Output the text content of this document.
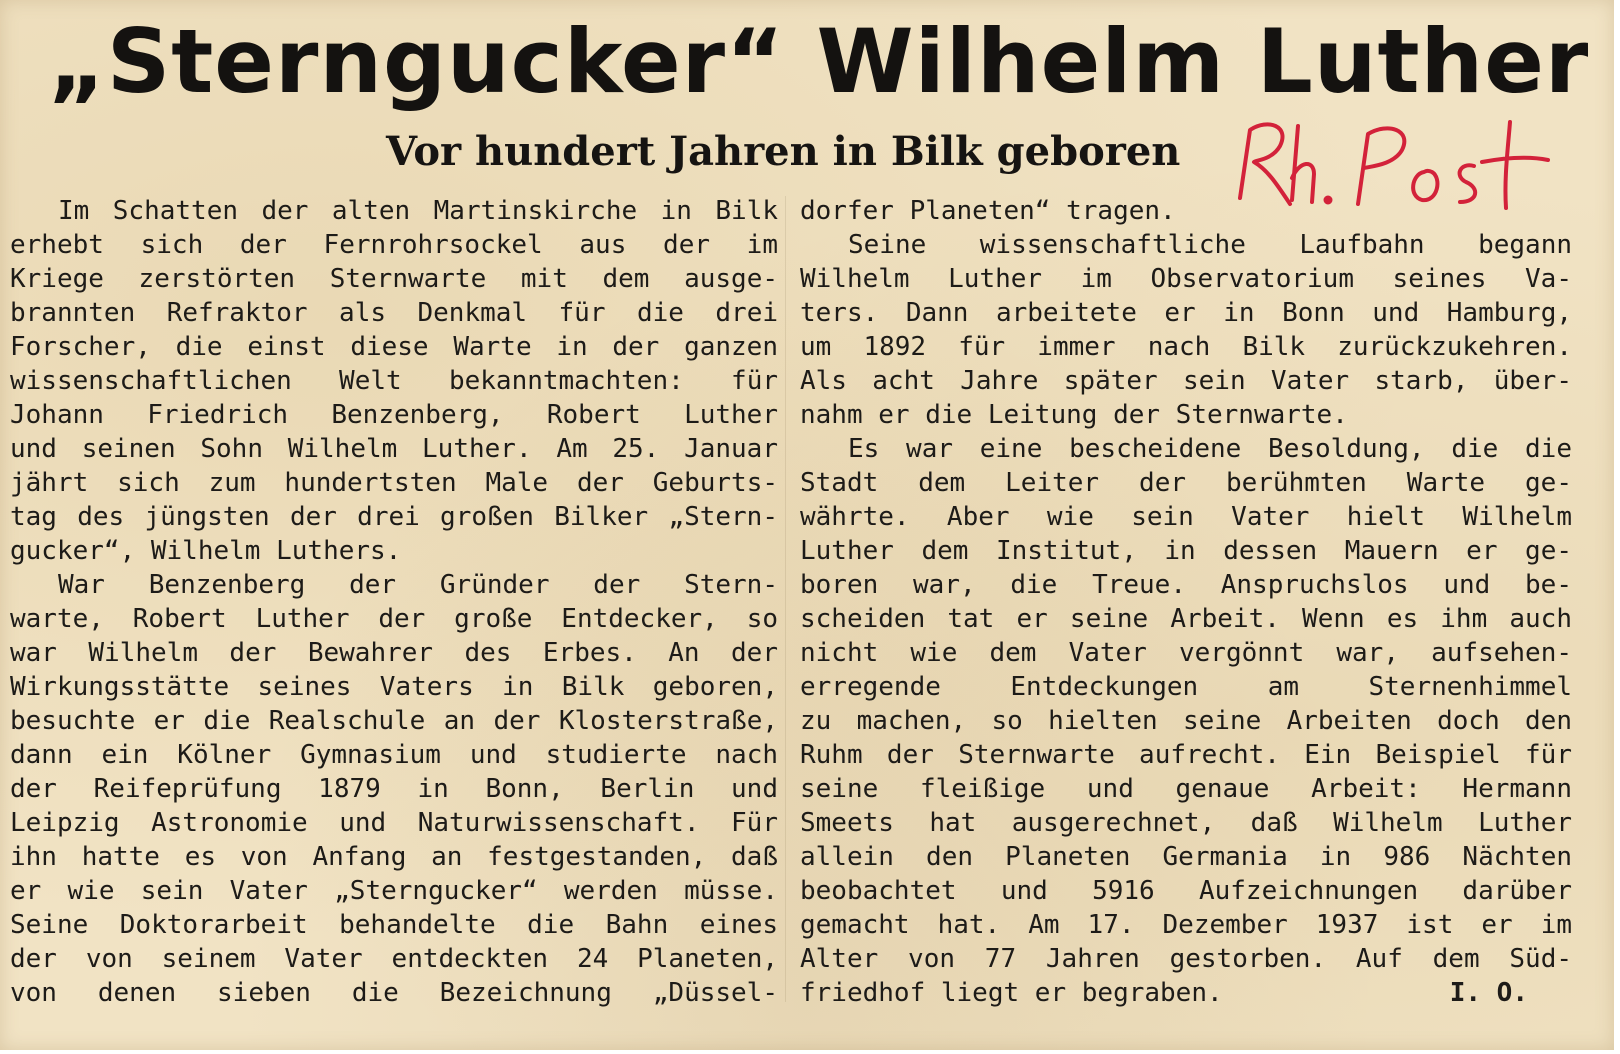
„Sterngucker“ Wilhelm Luther
Vor hundert Jahren in Bilk geboren
Im Schatten der alten Martinskirche in Bilk
erhebt sich der Fernrohrsockel aus der im
Kriege zerstörten Sternwarte mit dem ausge-
brannten Refraktor als Denkmal für die drei
Forscher, die einst diese Warte in der ganzen
wissenschaftlichen Welt bekanntmachten: für
Johann Friedrich Benzenberg, Robert Luther
und seinen Sohn Wilhelm Luther. Am 25. Januar
jährt sich zum hundertsten Male der Geburts-
tag des jüngsten der drei großen Bilker „Stern-
gucker“, Wilhelm Luthers.
War Benzenberg der Gründer der Stern-
warte, Robert Luther der große Entdecker, so
war Wilhelm der Bewahrer des Erbes. An der
Wirkungsstätte seines Vaters in Bilk geboren,
besuchte er die Realschule an der Klosterstraße,
dann ein Kölner Gymnasium und studierte nach
der Reifeprüfung 1879 in Bonn, Berlin und
Leipzig Astronomie und Naturwissenschaft. Für
ihn hatte es von Anfang an festgestanden, daß
er wie sein Vater „Sterngucker“ werden müsse.
Seine Doktorarbeit behandelte die Bahn eines
der von seinem Vater entdeckten 24 Planeten,
von denen sieben die Bezeichnung „Düssel-
dorfer Planeten“ tragen.
Seine wissenschaftliche Laufbahn begann
Wilhelm Luther im Observatorium seines Va-
ters. Dann arbeitete er in Bonn und Hamburg,
um 1892 für immer nach Bilk zurückzukehren.
Als acht Jahre später sein Vater starb, über-
nahm er die Leitung der Sternwarte.
Es war eine bescheidene Besoldung, die die
Stadt dem Leiter der berühmten Warte ge-
währte. Aber wie sein Vater hielt Wilhelm
Luther dem Institut, in dessen Mauern er ge-
boren war, die Treue. Anspruchslos und be-
scheiden tat er seine Arbeit. Wenn es ihm auch
nicht wie dem Vater vergönnt war, aufsehen-
erregende Entdeckungen am Sternenhimmel
zu machen, so hielten seine Arbeiten doch den
Ruhm der Sternwarte aufrecht. Ein Beispiel für
seine fleißige und genaue Arbeit: Hermann
Smeets hat ausgerechnet, daß Wilhelm Luther
allein den Planeten Germania in 986 Nächten
beobachtet und 5916 Aufzeichnungen darüber
gemacht hat. Am 17. Dezember 1937 ist er im
Alter von 77 Jahren gestorben. Auf dem Süd-
friedhof liegt er begraben.	I. O.
